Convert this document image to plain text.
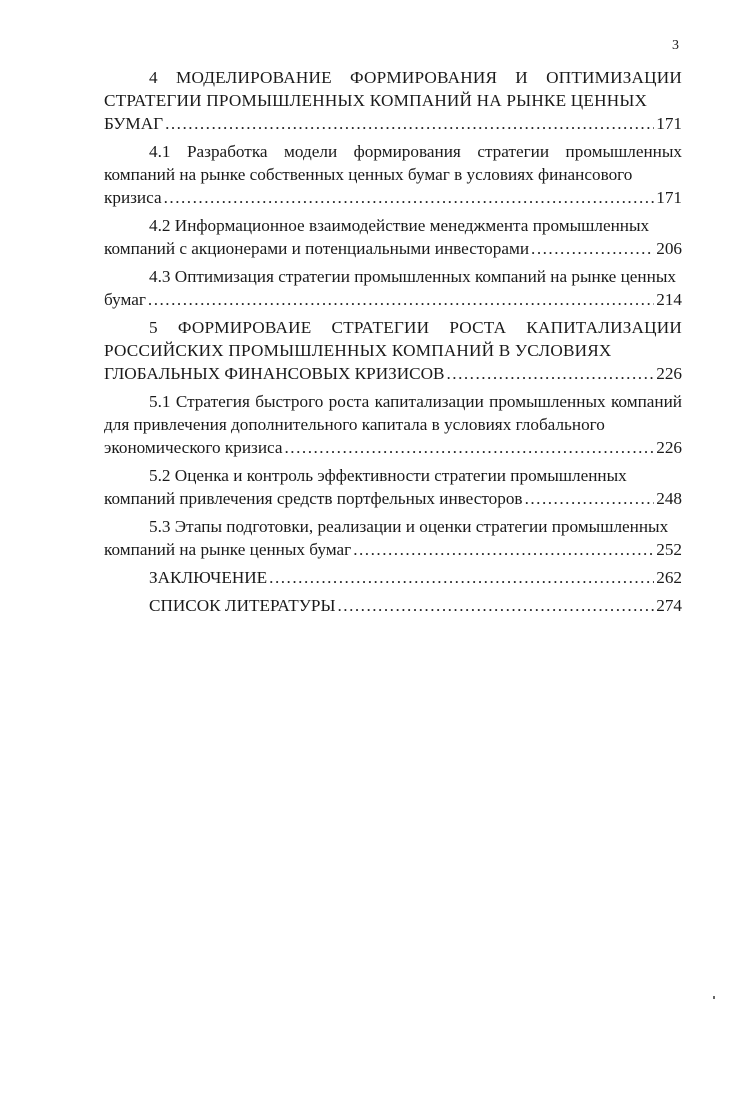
3
4 МОДЕЛИРОВАНИЕ ФОРМИРОВАНИЯ И ОПТИМИЗАЦИИ СТРАТЕГИИ ПРОМЫШЛЕННЫХ КОМПАНИЙ НА РЫНКЕ ЦЕННЫХ
БУМАГ .....	171
4.1 Разработка модели формирования стратегии промышленных компаний на рынке собственных ценных бумаг в условиях финансового
кризиса .....	171
4.2 Информационное взаимодействие менеджмента промышленных
компаний с акционерами и потенциальными инвесторами .....	206
4.3 Оптимизация стратегии промышленных компаний на рынке ценных
бумаг .....	214
5 ФОРМИРОВАИЕ СТРАТЕГИИ РОСТА КАПИТАЛИЗАЦИИ РОССИЙСКИХ ПРОМЫШЛЕННЫХ КОМПАНИЙ В УСЛОВИЯХ
ГЛОБАЛЬНЫХ ФИНАНСОВЫХ КРИЗИСОВ .....	226
5.1 Стратегия быстрого роста капитализации промышленных компаний для привлечения дополнительного капитала в условиях глобального
экономического кризиса .....	226
5.2 Оценка и контроль эффективности стратегии промышленных
компаний привлечения средств портфельных инвесторов .....	248
5.3 Этапы подготовки, реализации и оценки стратегии промышленных
компаний на рынке ценных бумаг .....	252
ЗАКЛЮЧЕНИЕ .....	262
СПИСОК ЛИТЕРАТУРЫ .....	274
